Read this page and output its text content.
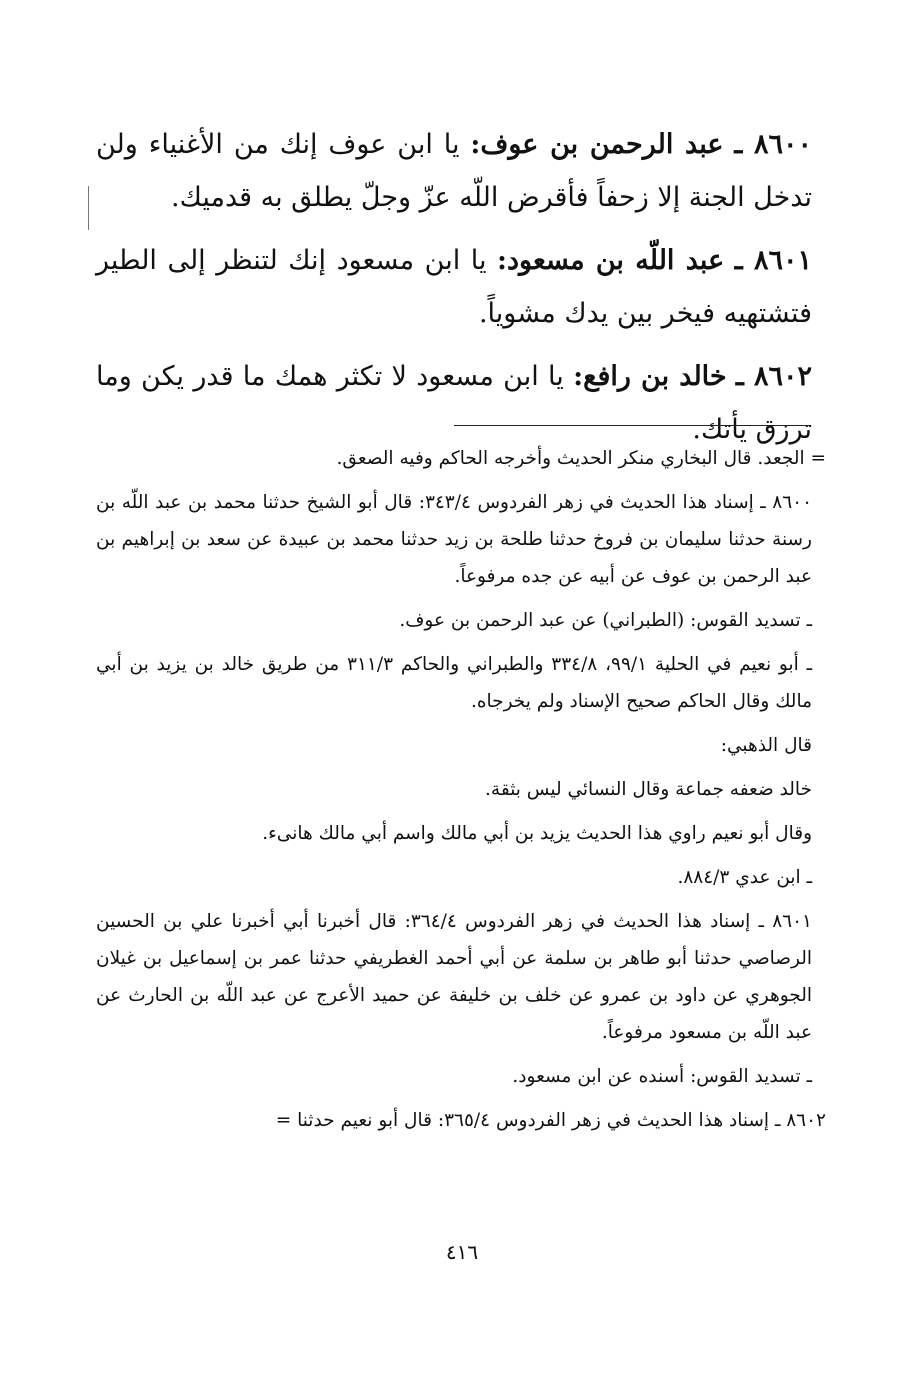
٨٦٠٠ ـ عبد الرحمن بن عوف: يا ابن عوف إنك من الأغنياء ولن تدخل الجنة إلا زحفاً فأقرض اللّه عزّ وجلّ يطلق به قدميك.
٨٦٠١ ـ عبد اللّه بن مسعود: يا ابن مسعود إنك لتنظر إلى الطير فتشتهيه فيخر بين يدك مشوياً.
٨٦٠٢ ـ خالد بن رافع: يا ابن مسعود لا تكثر همك ما قدر يكن وما ترزق يأتك.

= الجعد. قال البخاري منكر الحديث وأخرجه الحاكم وفيه الصعق.

٨٦٠٠ ـ إسناد هذا الحديث في زهر الفردوس ٣٤٣/٤: قال أبو الشيخ حدثنا محمد بن عبد اللّه بن رسنة حدثنا سليمان بن فروخ حدثنا طلحة بن زيد حدثنا محمد بن عبيدة عن سعد بن إبراهيم بن عبد الرحمن بن عوف عن أبيه عن جده مرفوعاً.

ـ تسديد القوس: (الطبراني) عن عبد الرحمن بن عوف.

ـ أبو نعيم في الحلية ٩٩/١، ٣٣٤/٨ والطبراني والحاكم ٣١١/٣ من طريق خالد بن يزيد بن أبي مالك وقال الحاكم صحيح الإسناد ولم يخرجاه.

قال الذهبي:

خالد ضعفه جماعة وقال النسائي ليس بثقة.

وقال أبو نعيم راوي هذا الحديث يزيد بن أبي مالك واسم أبي مالك هانىء.

ـ ابن عدي ٨٨٤/٣.

٨٦٠١ ـ إسناد هذا الحديث في زهر الفردوس ٣٦٤/٤: قال أخبرنا أبي أخبرنا علي بن الحسين الرصاصي حدثنا أبو طاهر بن سلمة عن أبي أحمد الغطريفي حدثنا عمر بن إسماعيل بن غيلان الجوهري عن داود بن عمرو عن خلف بن خليفة عن حميد الأعرج عن عبد اللّه بن الحارث عن عبد اللّه بن مسعود مرفوعاً.

ـ تسديد القوس: أسنده عن ابن مسعود.

٨٦٠٢ ـ إسناد هذا الحديث في زهر الفردوس ٣٦٥/٤: قال أبو نعيم حدثنا =

٤١٦
